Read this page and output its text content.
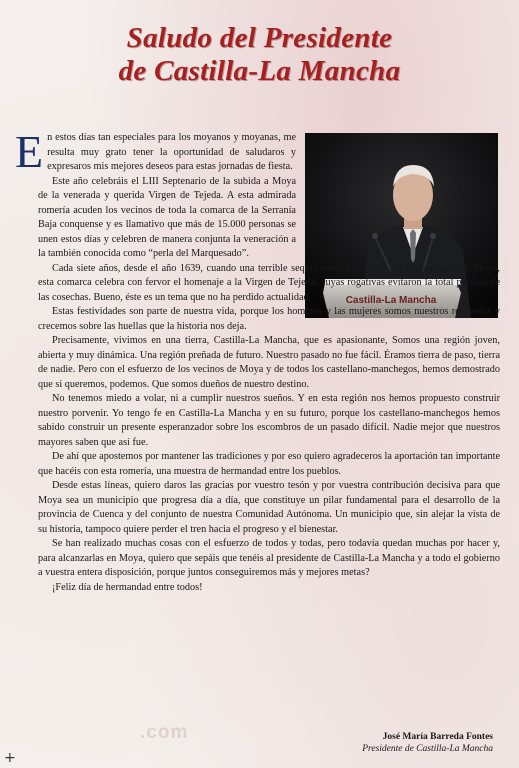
.com
Saludo del Presidente
de Castilla-La Mancha
Castilla-La Mancha

En estos días tan especiales para los moyanos y moyanas, me resulta muy grato tener la oportunidad de saludaros y expresaros mis mejores deseos para estas jornadas de fiesta.

Este año celebráis el LIII Septenario de la subida a Moya de la venerada y querida Virgen de Tejeda. A esta admirada romería acuden los vecinos de toda la comarca de la Serranía Baja conquense y es llamativo que más de 15.000 personas se unen estos días y celebren de manera conjunta la veneración a la también conocida como “perla del Marquesado”.

Cada siete años, desde el año 1639, cuando una terrible sequía asoló las tierras del Marquesado de Moya, esta comarca celebra con fervor el homenaje a la Virgen de Tejeda, cuyas rogativas evitaron la total pérdida de las cosechas. Bueno, éste es un tema que no ha perdido actualidad.

Estas festividades son parte de nuestra vida, porque los hombres y las mujeres somos nuestros recuerdos y crecemos sobre las huellas que la historia nos deja.

Precisamente, vivimos en una tierra, Castilla-La Mancha, que es apasionante, Somos una región joven, abierta y muy dinámica. Una región preñada de futuro. Nuestro pasado no fue fácil. Éramos tierra de paso, tierra de nadie. Pero con el esfuerzo de los vecinos de Moya y de todos los castellano-manchegos, hemos demostrado que si queremos, podemos. Que somos dueños de nuestro destino.

No tenemos miedo a volar, ni a cumplir nuestros sueños. Y en esta región nos hemos propuesto construir nuestro porvenir. Yo tengo fe en Castilla-La Mancha y en su futuro, porque los castellano-manchegos hemos sabido construir un presente esperanzador sobre los escombros de un pasado difícil. Nadie mejor que nuestros mayores saben que así fue.

De ahí que apostemos por mantener las tradiciones y por eso quiero agradeceros la aportación tan importante que hacéis con esta romería, una muestra de hermandad entre los pueblos.

Desde estas líneas, quiero daros las gracias por vuestro tesón y por vuestra contribución decisiva para que Moya sea un municipio que progresa día a día, que constituye un pilar fundamental para el desarrollo de la provincia de Cuenca y del conjunto de nuestra Comunidad Autónoma. Un municipio que, sin alejar la vista de su historia, tampoco quiere perder el tren hacia el progreso y el bienestar.

Se han realizado muchas cosas con el esfuerzo de todos y todas, pero todavía quedan muchas por hacer y, para alcanzarlas en Moya, quiero que sepáis que tenéis al presidente de Castilla-La Mancha y a todo el gobierno a vuestra entera disposición, porque juntos conseguiremos más y mejores metas?

¡Feliz día de hermandad entre todos!

José María Barreda Fontes
Presidente de Castilla-La Mancha
+
